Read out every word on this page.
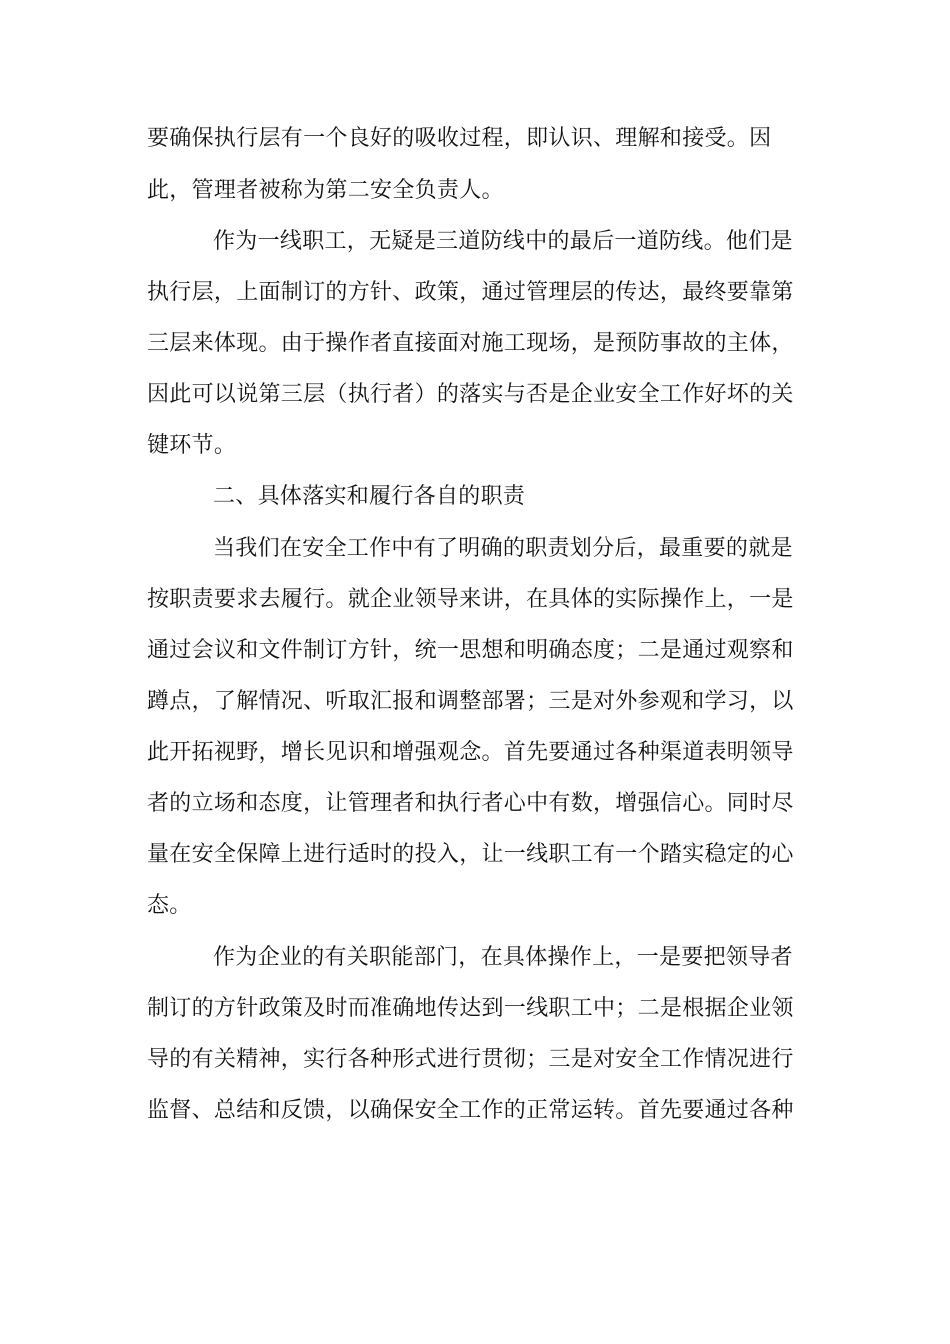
要确保执行层有一个良好的吸收过程，即认识、理解和接受。因
此，管理者被称为第二安全负责人。
作为一线职工，无疑是三道防线中的最后一道防线。他们是
执行层，上面制订的方针、政策，通过管理层的传达，最终要靠第
三层来体现。由于操作者直接面对施工现场，是预防事故的主体，
因此可以说第三层（执行者）的落实与否是企业安全工作好坏的关
键环节。
二、具体落实和履行各自的职责
当我们在安全工作中有了明确的职责划分后，最重要的就是
按职责要求去履行。就企业领导来讲，在具体的实际操作上，一是
通过会议和文件制订方针，统一思想和明确态度；二是通过观察和
蹲点，了解情况、听取汇报和调整部署；三是对外参观和学习，以
此开拓视野，增长见识和增强观念。首先要通过各种渠道表明领导
者的立场和态度，让管理者和执行者心中有数，增强信心。同时尽
量在安全保障上进行适时的投入，让一线职工有一个踏实稳定的心
态。
作为企业的有关职能部门，在具体操作上，一是要把领导者
制订的方针政策及时而准确地传达到一线职工中；二是根据企业领
导的有关精神，实行各种形式进行贯彻；三是对安全工作情况进行
监督、总结和反馈，以确保安全工作的正常运转。首先要通过各种
